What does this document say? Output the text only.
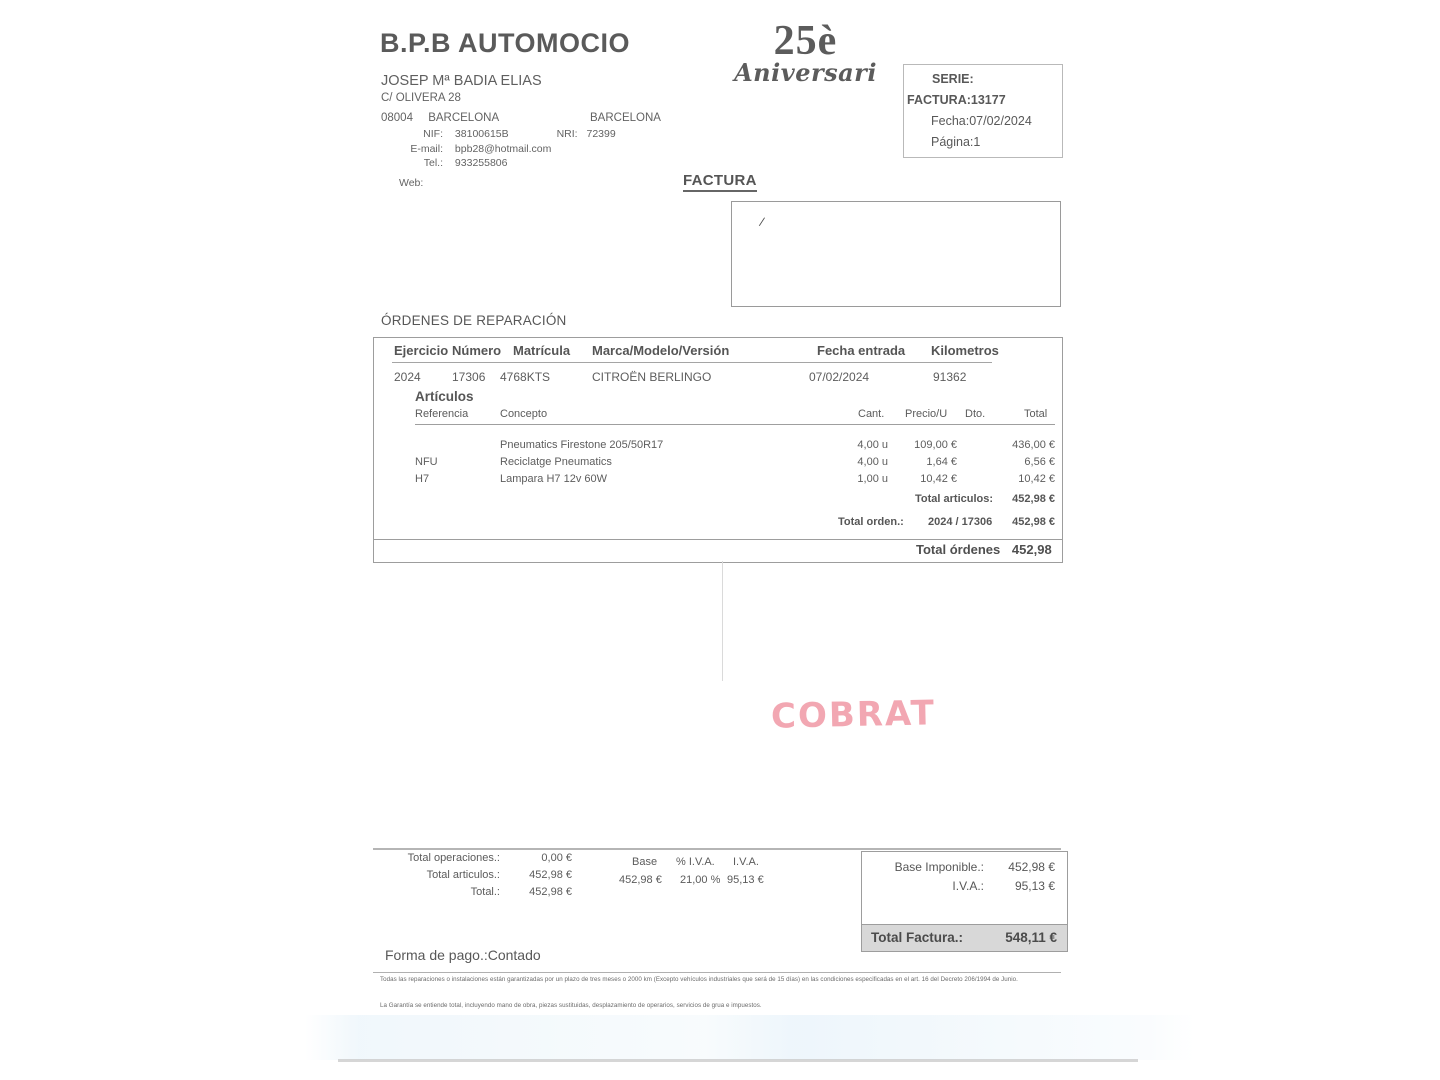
B.P.B AUTOMOCIO
JOSEP Mª BADIA ELIAS
C/ OLIVERA 28
08004 BARCELONA	BARCELONA
NIF: 38100615B	NRI: 72399
E-mail: bpb28@hotmail.com
Tel.: 933255806
Web:
25è
Aniversari
FACTURA
SERIE:
FACTURA:13177
Fecha:07/02/2024
Página:1
/
ÓRDENES DE REPARACIÓN
Ejercicio Número Matrícula Marca/Modelo/Versión	Fecha entrada Kilometros
2024	17306 4768KTS	CITROËN BERLINGO	07/02/2024	91362
Artículos
Referencia	Concepto	Cant. Precio/U Dto.	Total
Pneumatics Firestone 205/50R17	4,00 u	109,00 €	436,00 €
NFU	Reciclatge Pneumatics	4,00 u	1,64 €	6,56 €
H7	Lampara H7 12v 60W	1,00 u	10,42 €	10,42 €
Total articulos:	452,98 €
Total orden.: 2024 / 17306	452,98 €
Total órdenes 452,98
COBRAT
Total operaciones.:	0,00 €
Total articulos.:	452,98 €
Total.:	452,98 €
Base % I.V.A. I.V.A.
452,98 € 21,00 % 95,13 €
Base Imponible.:	452,98 €
I.V.A.:	95,13 €
Total Factura.:	548,11 €
Forma de pago.:Contado
Todas las reparaciones o instalaciones están garantizadas por un plazo de tres meses o 2000 km (Excepto vehículos industriales que será de 15 días) en las condiciones especificadas en el art. 16 del Decreto 206/1994 de Junio.
La Garantía se entiende total, incluyendo mano de obra, piezas sustituidas, desplazamiento de operarios, servicios de grua e impuestos.
